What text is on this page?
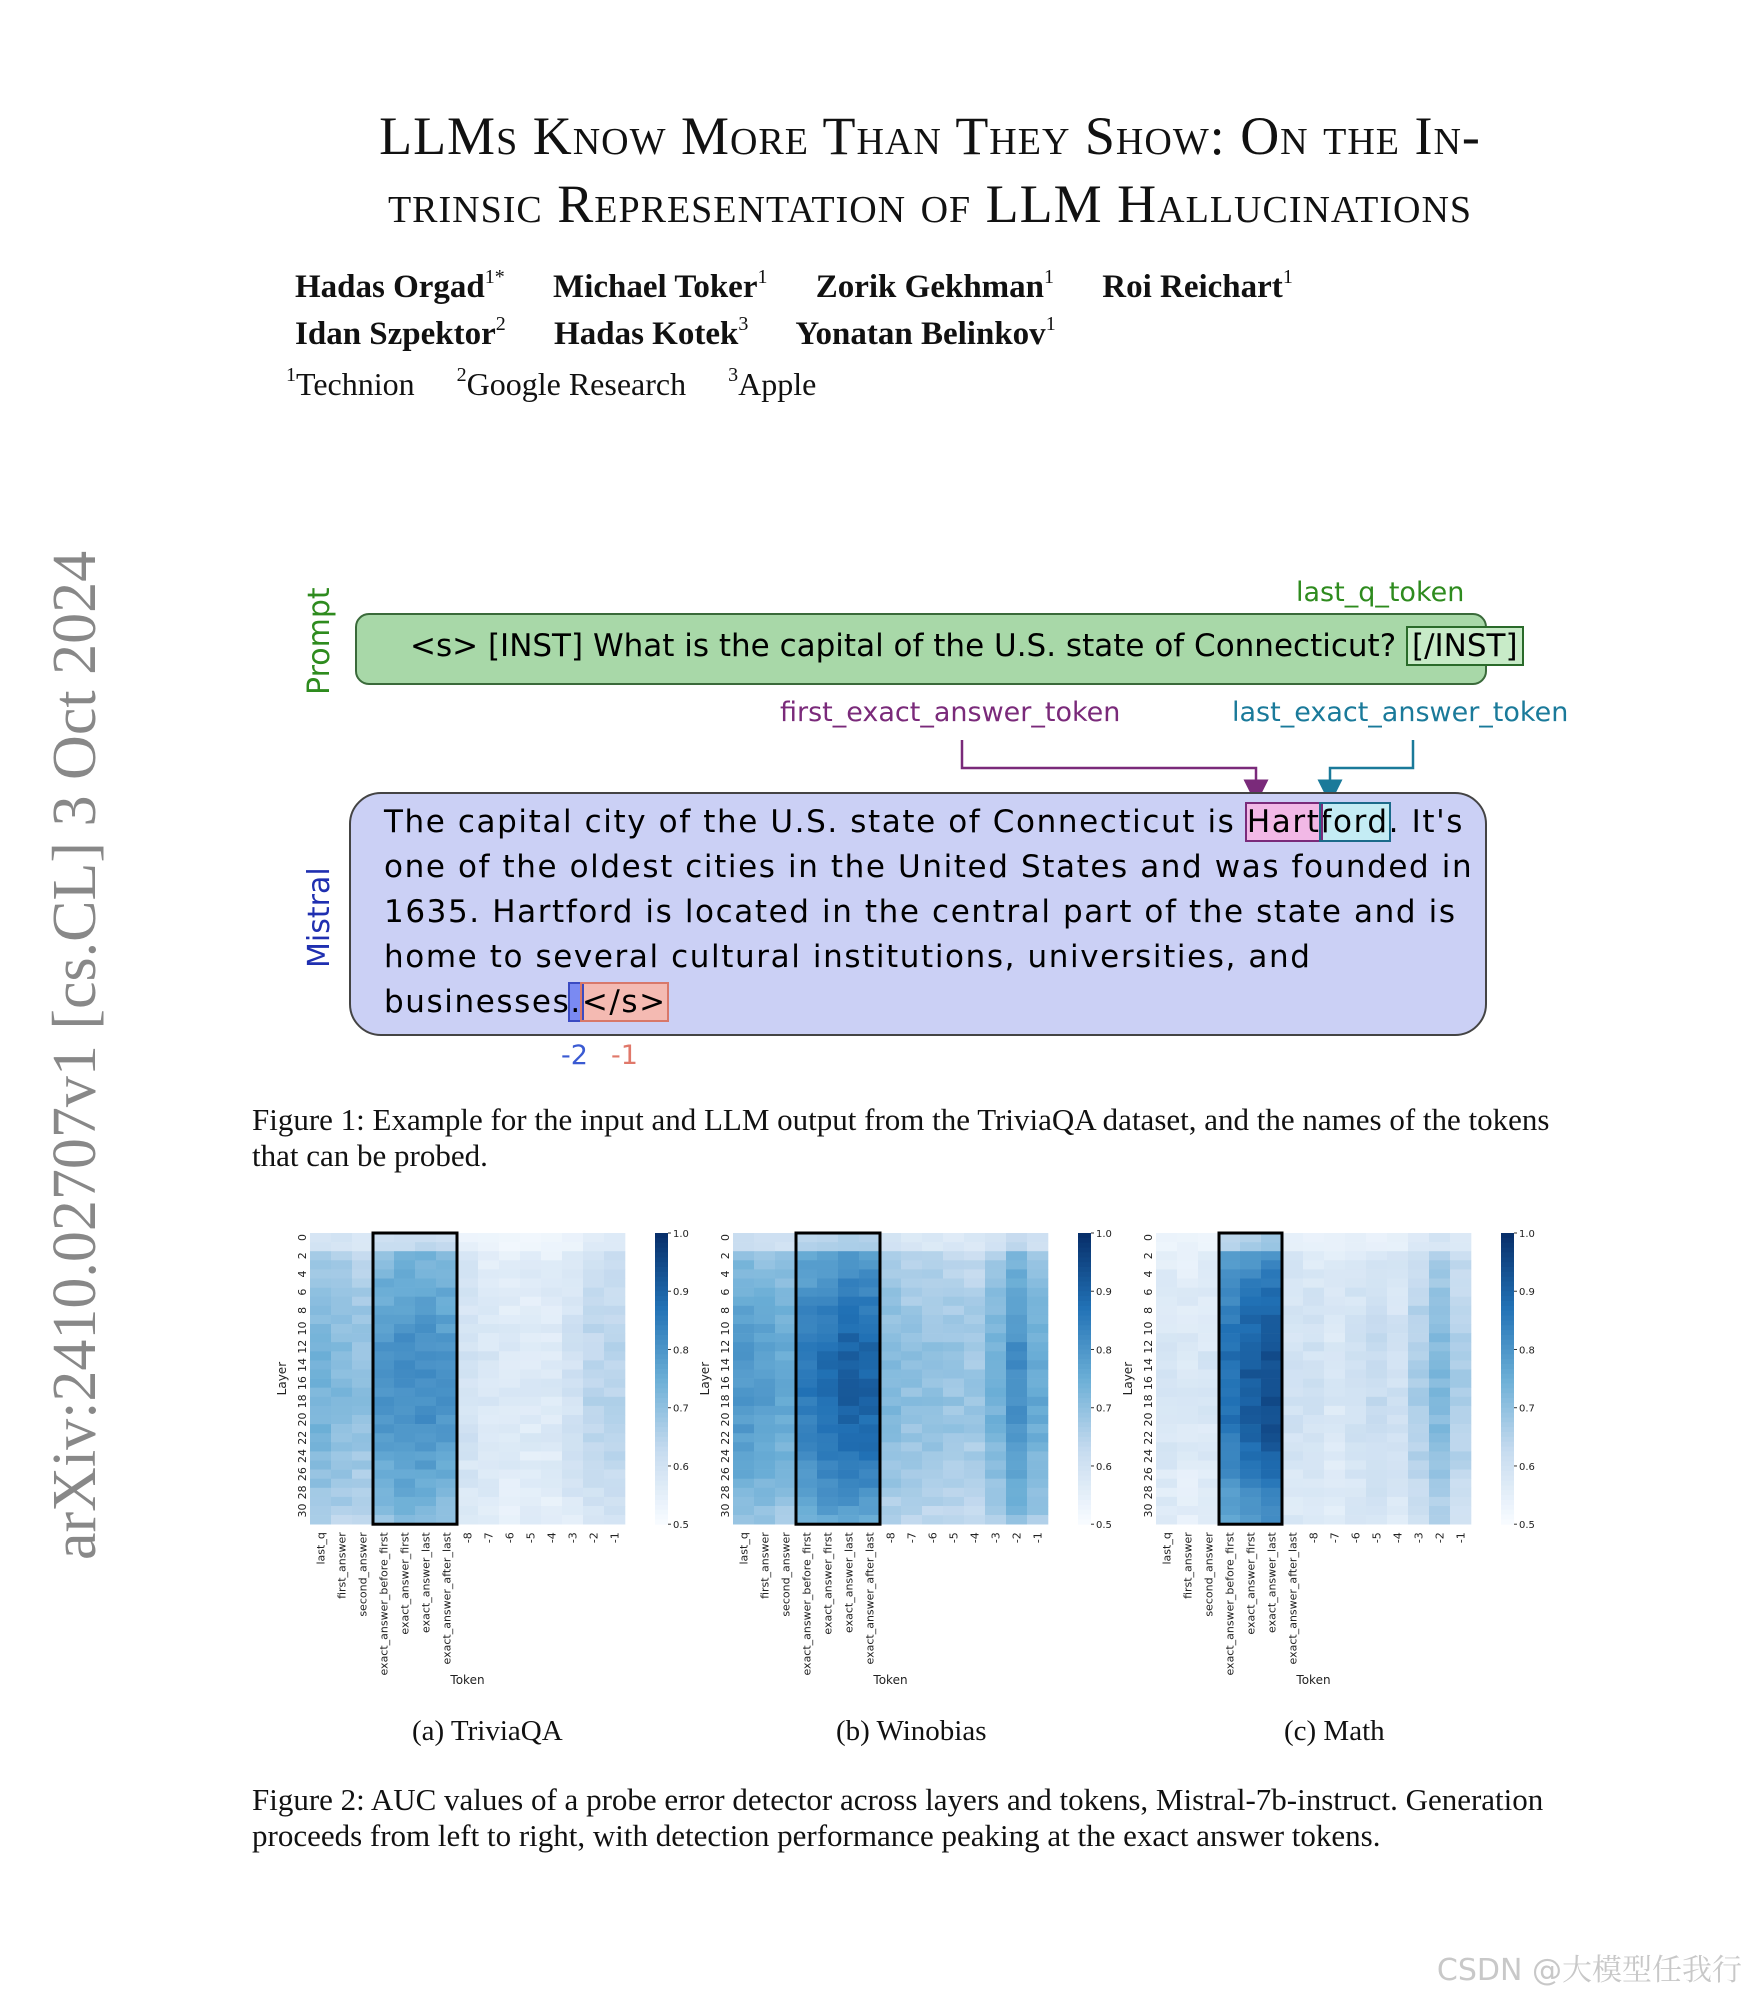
arXiv:2410.02707v1 [cs.CL] 3 Oct 2024
LLMs Know More Than They Show: On the In-
trinsic Representation of LLM Hallucinations
Hadas Orgad$^{1*}$ Michael Toker$^1$ Zorik Gekhman$^1$ Roi Reichart$^1$
Idan Szpektor$^2$ Hadas Kotek$^3$ Yonatan Belinkov$^1$
$^1$Technion $^2$Google Research $^3$Apple
Prompt
Mistral
<s> [INST] What is the capital of the U.S. state of Connecticut? [/INST]
last_q_token
first_exact_answer_token	last_exact_answer_token
The capital city of the U.S. state of Connecticut is Hartford. It's one of the oldest cities in the United States and was founded in 1635. Hartford is located in the central part of the state and is home to several cultural institutions, universities, and businesses.</s>
-2 -1
Figure 1: Example for the input and LLM output from the TriviaQA dataset, and the names of the tokens that can be probed.
1.0
0.9
0.8
0.7
0.6
0.5
0
2
4
6
8
10
12
14
16
18
20
22
24
26
28
30
Layer
last_q first_answer second_answer exact_answer_before_first exact_answer_first exact_answer_last exact_answer_after_last -8 -7 -6 -5 -4 -3 -2 -1
Token
1.0
0.9
0.8
0.7
0.6
0.5
0
2
4
6
8
10
12
14
16
18
20
22
24
26
28
30
Layer
last_q first_answer second_answer exact_answer_before_first exact_answer_first exact_answer_last exact_answer_after_last -8 -7 -6 -5 -4 -3 -2 -1
Token
1.0
0.9
0.8
0.7
0.6
0.5
0
2
4
6
8
10
12
14
16
18
20
22
24
26
28
30
Layer
last_q first_answer second_answer exact_answer_before_first exact_answer_first exact_answer_last exact_answer_after_last -8 -7 -6 -5 -4 -3 -2 -1
Token
(a) TriviaQA	(b) Winobias	(c) Math
Figure 2: AUC values of a probe error detector across layers and tokens, Mistral-7b-instruct. Generation proceeds from left to right, with detection performance peaking at the exact answer tokens.
CSDN @大模型任我行
